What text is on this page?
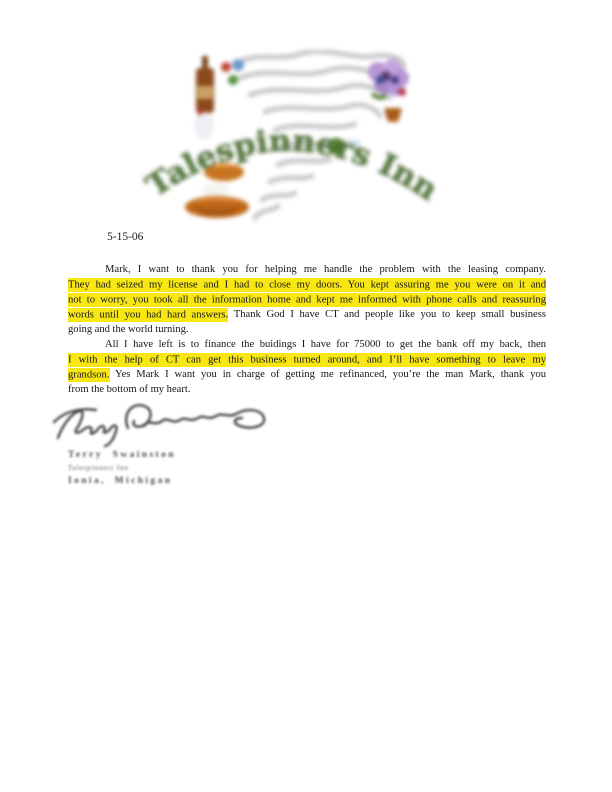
Talespinners Inn
5-15-06
Mark, I want to thank you for helping me handle the problem with the leasing company.
They had seized my license and I had to close my doors. You kept assuring me you were on it and
not to worry, you took all the information home and kept me informed with phone calls and reassuring
words until you had hard answers. Thank God I have CT and people like you to keep small business
going and the world turning.
All I have left is to finance the buidings I have for 75000 to get the bank off my back, then
I with the help of CT can get this business turned around, and I’ll have something to leave my
grandson. Yes Mark I want you in charge of getting me refinanced, you’re the man Mark, thank you
from the bottom of my heart.
Terry Swainston
Talespinners Inn
Ionia, Michigan
